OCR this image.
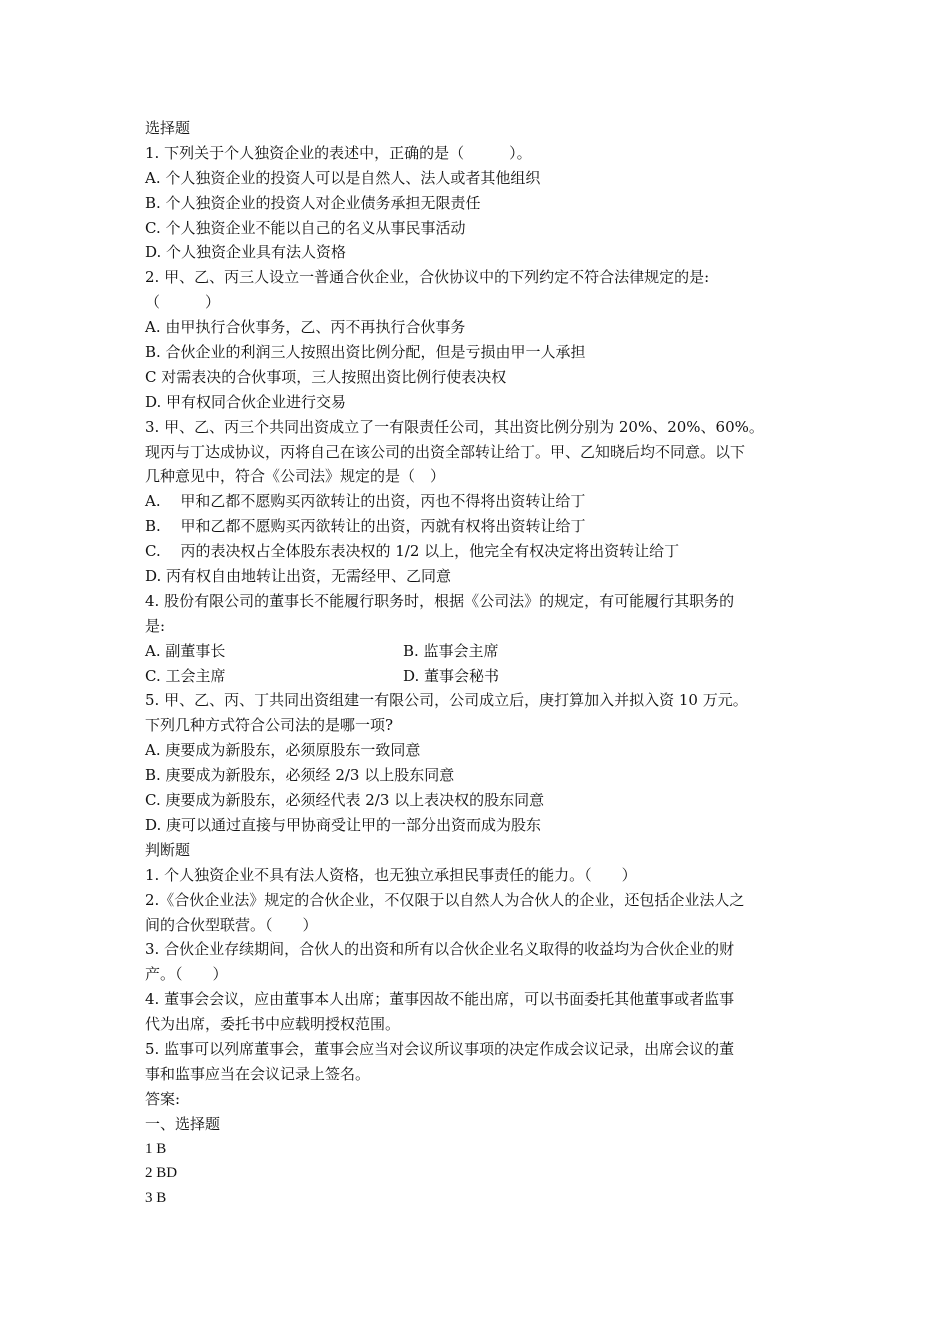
选择题
1. 下列关于个人独资企业的表述中，正确的是（　　　）。
A. 个人独资企业的投资人可以是自然人、法人或者其他组织
B. 个人独资企业的投资人对企业债务承担无限责任
C. 个人独资企业不能以自己的名义从事民事活动
D. 个人独资企业具有法人资格
2. 甲、乙、丙三人设立一普通合伙企业，合伙协议中的下列约定不符合法律规定的是:
（　　　）
A. 由甲执行合伙事务，乙、丙不再执行合伙事务
B. 合伙企业的利润三人按照出资比例分配，但是亏损由甲一人承担
C 对需表决的合伙事项，三人按照出资比例行使表决权
D. 甲有权同合伙企业进行交易
3. 甲、乙、丙三个共同出资成立了一有限责任公司，其出资比例分别为 20%、20%、60%。
现丙与丁达成协议，丙将自己在该公司的出资全部转让给丁。甲、乙知晓后均不同意。以下
几种意见中，符合《公司法》规定的是（　）
A.　 甲和乙都不愿购买丙欲转让的出资，丙也不得将出资转让给丁
B.　 甲和乙都不愿购买丙欲转让的出资，丙就有权将出资转让给丁
C.　 丙的表决权占全体股东表决权的 1/2 以上，他完全有权决定将出资转让给丁
D. 丙有权自由地转让出资，无需经甲、乙同意
4. 股份有限公司的董事长不能履行职务时，根据《公司法》的规定，有可能履行其职务的
是:
A. 副董事长	B. 监事会主席
C. 工会主席	D. 董事会秘书
5. 甲、乙、丙、丁共同出资组建一有限公司，公司成立后，庚打算加入并拟入资 10 万元。
下列几种方式符合公司法的是哪一项?
A. 庚要成为新股东，必须原股东一致同意
B. 庚要成为新股东，必须经 2/3 以上股东同意
C. 庚要成为新股东，必须经代表 2/3 以上表决权的股东同意
D. 庚可以通过直接与甲协商受让甲的一部分出资而成为股东
判断题
1. 个人独资企业不具有法人资格，也无独立承担民事责任的能力。（　　）
2.《合伙企业法》规定的合伙企业，不仅限于以自然人为合伙人的企业，还包括企业法人之
间的合伙型联营。（　　）
3. 合伙企业存续期间，合伙人的出资和所有以合伙企业名义取得的收益均为合伙企业的财
产。（　　）
4. 董事会会议，应由董事本人出席；董事因故不能出席，可以书面委托其他董事或者监事
代为出席，委托书中应载明授权范围。
5. 监事可以列席董事会，董事会应当对会议所议事项的决定作成会议记录，出席会议的董
事和监事应当在会议记录上签名。
答案:
一、选择题
1 B
2 BD
3 B
